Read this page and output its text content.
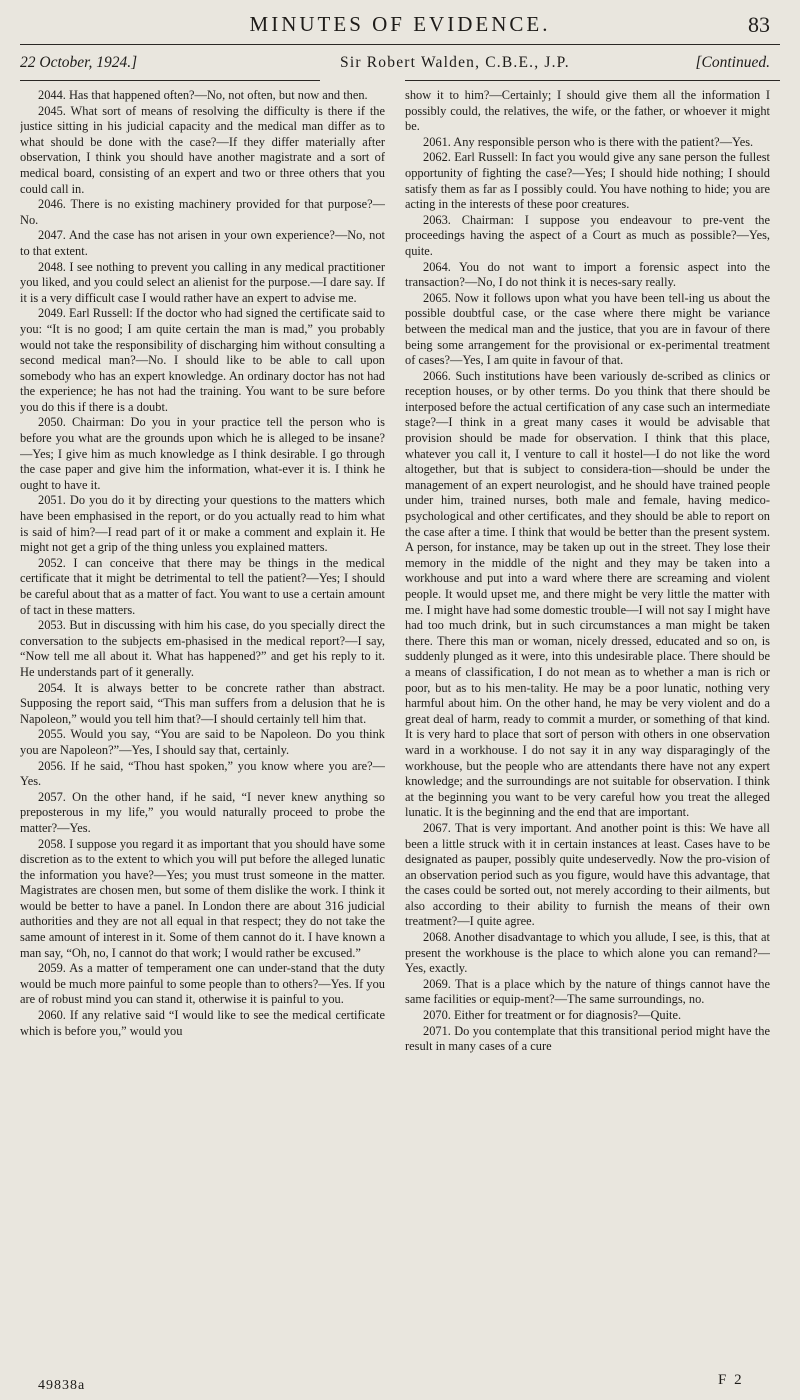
MINUTES OF EVIDENCE.	83
22 October, 1924.]	Sir Robert Walden, C.B.E., J.P.	[Continued.

2044. Has that happened often?—No, not often, but now and then.

2045. What sort of means of resolving the difficulty is there if the justice sitting in his judicial capacity and the medical man differ as to what should be done with the case?—If they differ materially after observation, I think you should have another magistrate and a sort of medical board, consisting of an expert and two or three others that you could call in.

2046. There is no existing machinery provided for that purpose?—No.

2047. And the case has not arisen in your own experience?—No, not to that extent.

2048. I see nothing to prevent you calling in any medical practitioner you liked, and you could select an alienist for the purpose.—I dare say. If it is a very difficult case I would rather have an expert to advise me.

2049. Earl Russell: If the doctor who had signed the certificate said to you: “It is no good; I am quite certain the man is mad,” you probably would not take the responsibility of discharging him without consulting a second medical man?—No. I should like to be able to call upon somebody who has an expert knowledge. An ordinary doctor has not had the experience; he has not had the training. You want to be sure before you do this if there is a doubt.

2050. Chairman: Do you in your practice tell the person who is before you what are the grounds upon which he is alleged to be insane?—Yes; I give him as much knowledge as I think desirable. I go through the case paper and give him the information, what-ever it is. I think he ought to have it.

2051. Do you do it by directing your questions to the matters which have been emphasised in the report, or do you actually read to him what is said of him?—I read part of it or make a comment and explain it. He might not get a grip of the thing unless you explained matters.

2052. I can conceive that there may be things in the medical certificate that it might be detrimental to tell the patient?—Yes; I should be careful about that as a matter of fact. You want to use a certain amount of tact in these matters.

2053. But in discussing with him his case, do you specially direct the conversation to the subjects em-phasised in the medical report?—I say, “Now tell me all about it. What has happened?” and get his reply to it. He understands part of it generally.

2054. It is always better to be concrete rather than abstract. Supposing the report said, “This man suffers from a delusion that he is Napoleon,” would you tell him that?—I should certainly tell him that.

2055. Would you say, “You are said to be Napoleon. Do you think you are Napoleon?”—Yes, I should say that, certainly.

2056. If he said, “Thou hast spoken,” you know where you are?—Yes.

2057. On the other hand, if he said, “I never knew anything so preposterous in my life,” you would naturally proceed to probe the matter?—Yes.

2058. I suppose you regard it as important that you should have some discretion as to the extent to which you will put before the alleged lunatic the information you have?—Yes; you must trust someone in the matter. Magistrates are chosen men, but some of them dislike the work. I think it would be better to have a panel. In London there are about 316 judicial authorities and they are not all equal in that respect; they do not take the same amount of interest in it. Some of them cannot do it. I have known a man say, “Oh, no, I cannot do that work; I would rather be excused.”

2059. As a matter of temperament one can under-stand that the duty would be much more painful to some people than to others?—Yes. If you are of robust mind you can stand it, otherwise it is painful to you.

2060. If any relative said “I would like to see the medical certificate which is before you,” would you

show it to him?—Certainly; I should give them all the information I possibly could, the relatives, the wife, or the father, or whoever it might be.

2061. Any responsible person who is there with the patient?—Yes.

2062. Earl Russell: In fact you would give any sane person the fullest opportunity of fighting the case?—Yes; I should hide nothing; I should satisfy them as far as I possibly could. You have nothing to hide; you are acting in the interests of these poor creatures.

2063. Chairman: I suppose you endeavour to pre-vent the proceedings having the aspect of a Court as much as possible?—Yes, quite.

2064. You do not want to import a forensic aspect into the transaction?—No, I do not think it is neces-sary really.

2065. Now it follows upon what you have been tell-ing us about the possible doubtful case, or the case where there might be variance between the medical man and the justice, that you are in favour of there being some arrangement for the provisional or ex-perimental treatment of cases?—Yes, I am quite in favour of that.

2066. Such institutions have been variously de-scribed as clinics or reception houses, or by other terms. Do you think that there should be interposed before the actual certification of any case such an intermediate stage?—I think in a great many cases it would be advisable that provision should be made for observation. I think that this place, whatever you call it, I venture to call it hostel—I do not like the word altogether, but that is subject to considera-tion—should be under the management of an expert neurologist, and he should have trained people under him, trained nurses, both male and female, having medico-psychological and other certificates, and they should be able to report on the case after a time. I think that would be better than the present system. A person, for instance, may be taken up out in the street. They lose their memory in the middle of the night and they may be taken into a workhouse and put into a ward where there are screaming and violent people. It would upset me, and there might be very little the matter with me. I might have had some domestic trouble—I will not say I might have had too much drink, but in such circumstances a man might be taken there. There this man or woman, nicely dressed, educated and so on, is suddenly plunged as it were, into this undesirable place. There should be a means of classification, I do not mean as to whether a man is rich or poor, but as to his men-tality. He may be a poor lunatic, nothing very harmful about him. On the other hand, he may be very violent and do a great deal of harm, ready to commit a murder, or something of that kind. It is very hard to place that sort of person with others in one observation ward in a workhouse. I do not say it in any way disparagingly of the workhouse, but the people who are attendants there have not any expert knowledge; and the surroundings are not suitable for observation. I think at the beginning you want to be very careful how you treat the alleged lunatic. It is the beginning and the end that are important.

2067. That is very important. And another point is this: We have all been a little struck with it in certain instances at least. Cases have to be designated as pauper, possibly quite undeservedly. Now the pro-vision of an observation period such as you figure, would have this advantage, that the cases could be sorted out, not merely according to their ailments, but also according to their ability to furnish the means of their own treatment?—I quite agree.

2068. Another disadvantage to which you allude, I see, is this, that at present the workhouse is the place to which alone you can remand?—Yes, exactly.

2069. That is a place which by the nature of things cannot have the same facilities or equip-ment?—The same surroundings, no.

2070. Either for treatment or for diagnosis?—Quite.

2071. Do you contemplate that this transitional period might have the result in many cases of a cure

49838a	F 2
